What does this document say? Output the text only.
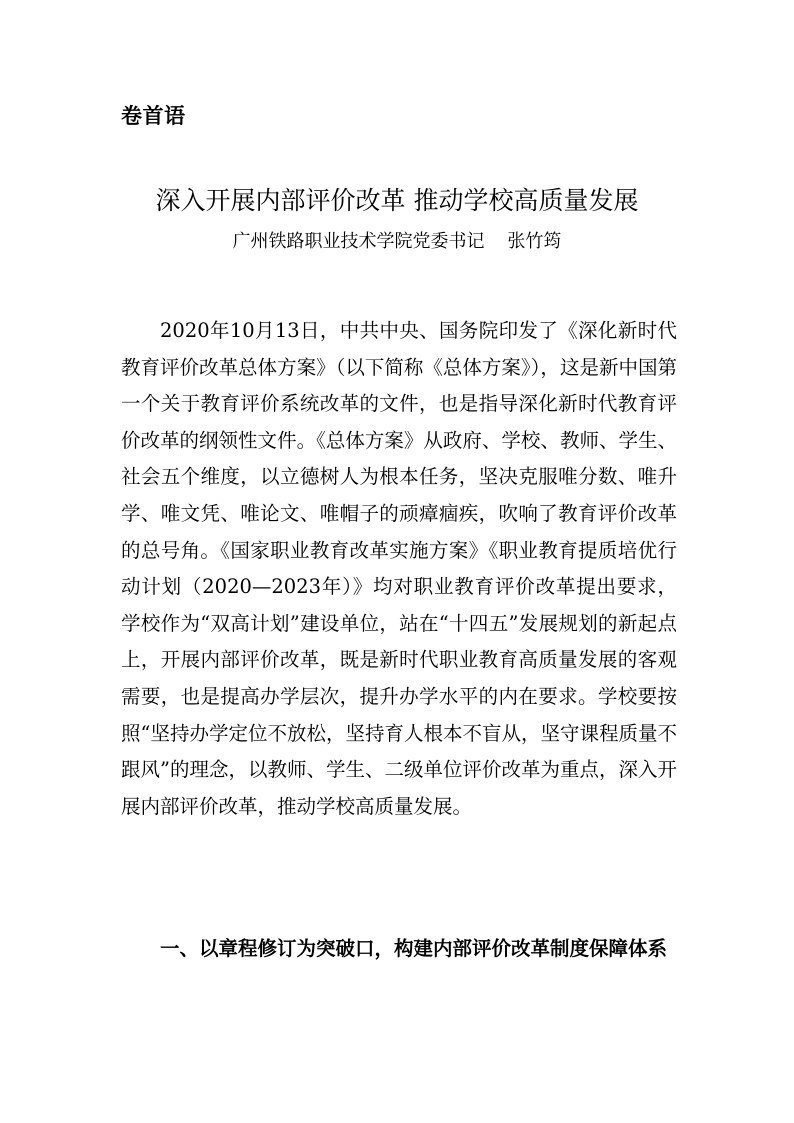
卷首语
深入开展内部评价改革 推动学校高质量发展
广州铁路职业技术学院党委书记    张竹筠

2020年10月13日，中共中央、国务院印发了《深化新时代教育评价改革总体方案》（以下简称《总体方案》），这是新中国第一个关于教育评价系统改革的文件，也是指导深化新时代教育评价改革的纲领性文件。《总体方案》从政府、学校、教师、学生、社会五个维度，以立德树人为根本任务，坚决克服唯分数、唯升学、唯文凭、唯论文、唯帽子的顽瘴痼疾，吹响了教育评价改革的总号角。《国家职业教育改革实施方案》《职业教育提质培优行动计划（2020—2023年）》均对职业教育评价改革提出要求，学校作为“双高计划”建设单位，站在“十四五”发展规划的新起点上，开展内部评价改革，既是新时代职业教育高质量发展的客观需要，也是提高办学层次，提升办学水平的内在要求。学校要按照“坚持办学定位不放松，坚持育人根本不盲从，坚守课程质量不跟风”的理念，以教师、学生、二级单位评价改革为重点，深入开展内部评价改革，推动学校高质量发展。

一、以章程修订为突破口，构建内部评价改革制度保障体系
